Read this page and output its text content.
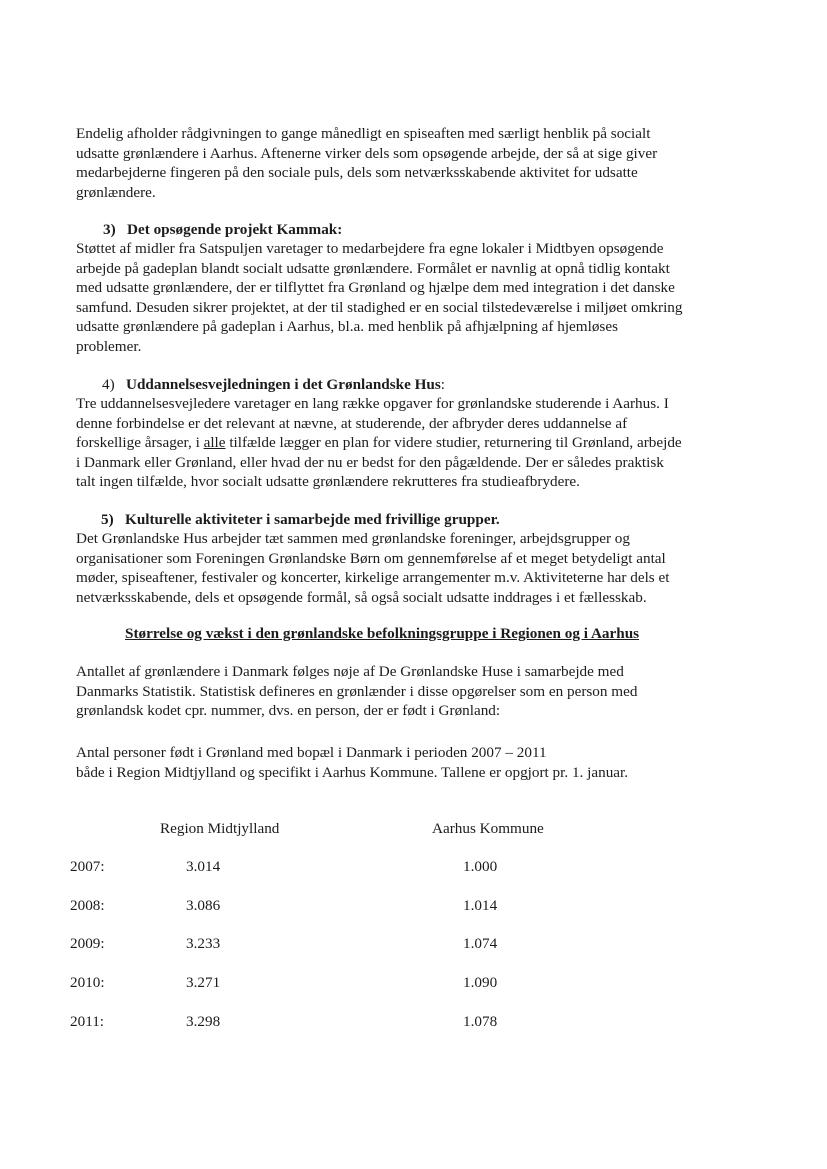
Endelig afholder rådgivningen to gange månedligt en spiseaften med særligt henblik på socialt
udsatte grønlændere i Aarhus. Aftenerne virker dels som opsøgende arbejde, der så at sige giver
medarbejderne fingeren på den sociale puls, dels som netværksskabende aktivitet for udsatte
grønlændere.

3) Det opsøgende projekt Kammak:

Støttet af midler fra Satspuljen varetager to medarbejdere fra egne lokaler i Midtbyen opsøgende
arbejde på gadeplan blandt socialt udsatte grønlændere. Formålet er navnlig at opnå tidlig kontakt
med udsatte grønlændere, der er tilflyttet fra Grønland og hjælpe dem med integration i det danske
samfund. Desuden sikrer projektet, at der til stadighed er en social tilstedeværelse i miljøet omkring
udsatte grønlændere på gadeplan i Aarhus, bl.a. med henblik på afhjælpning af hjemløses
problemer.

4) Uddannelsesvejledningen i det Grønlandske Hus:

Tre uddannelsesvejledere varetager en lang række opgaver for grønlandske studerende i Aarhus. I
denne forbindelse er det relevant at nævne, at studerende, der afbryder deres uddannelse af
forskellige årsager, i alle tilfælde lægger en plan for videre studier, returnering til Grønland, arbejde
i Danmark eller Grønland, eller hvad der nu er bedst for den pågældende. Der er således praktisk
talt ingen tilfælde, hvor socialt udsatte grønlændere rekrutteres fra studieafbrydere.

5) Kulturelle aktiviteter i samarbejde med frivillige grupper.

Det Grønlandske Hus arbejder tæt sammen med grønlandske foreninger, arbejdsgrupper og
organisationer som Foreningen Grønlandske Børn om gennemførelse af et meget betydeligt antal
møder, spiseaftener, festivaler og koncerter, kirkelige arrangementer m.v. Aktiviteterne har dels et
netværksskabende, dels et opsøgende formål, så også socialt udsatte inddrages i et fællesskab.

Størrelse og vækst i den grønlandske befolkningsgruppe i Regionen og i Aarhus

Antallet af grønlændere i Danmark følges nøje af De Grønlandske Huse i samarbejde med
Danmarks Statistik. Statistisk defineres en grønlænder i disse opgørelser som en person med
grønlandsk kodet cpr. nummer, dvs. en person, der er født i Grønland:

Antal personer født i Grønland med bopæl i Danmark i perioden 2007 – 2011
både i Region Midtjylland og specifikt i Aarhus Kommune. Tallene er opgjort pr. 1. januar.

Region Midtjylland	Aarhus Kommune
2007:	3.014	1.000
2008:	3.086	1.014
2009:	3.233	1.074
2010:	3.271	1.090
2011:	3.298	1.078
